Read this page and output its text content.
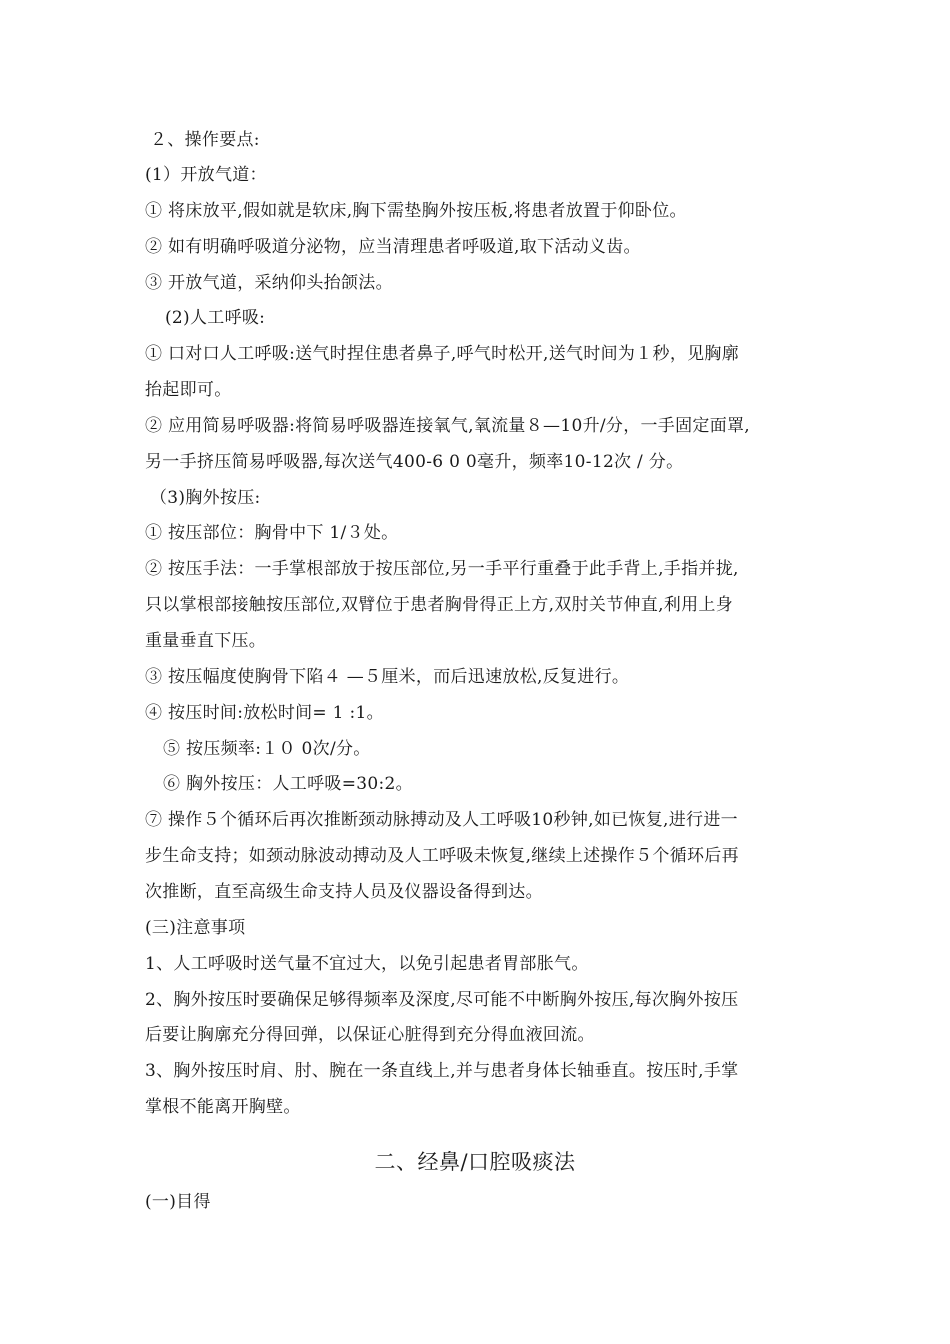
２、操作要点:
(1）开放气道：
① 将床放平,假如就是软床,胸下需垫胸外按压板,将患者放置于仰卧位。
② 如有明确呼吸道分泌物，应当清理患者呼吸道,取下活动义齿。
③ 开放气道，采纳仰头抬颌法。
(2)人工呼吸:
① 口对口人工呼吸:送气时捏住患者鼻子,呼气时松开,送气时间为１秒，见胸廓
抬起即可。
② 应用简易呼吸器:将简易呼吸器连接氧气,氧流量８—10升/分，一手固定面罩,
另一手挤压简易呼吸器,每次送气400-6 0 0毫升，频率10-12次 / 分。
（3)胸外按压:
① 按压部位：胸骨中下 1/３处。
② 按压手法：一手掌根部放于按压部位,另一手平行重叠于此手背上,手指并拢,
只以掌根部接触按压部位,双臂位于患者胸骨得正上方,双肘关节伸直,利用上身
重量垂直下压。
③ 按压幅度使胸骨下陷４ —５厘米，而后迅速放松,反复进行。
④ 按压时间:放松时间= 1 :1。
⑤ 按压频率:１０ 0次/分。
⑥ 胸外按压：人工呼吸=30:2。
⑦ 操作５个循环后再次推断颈动脉搏动及人工呼吸10秒钟,如已恢复,进行进一
步生命支持；如颈动脉波动搏动及人工呼吸未恢复,继续上述操作５个循环后再
次推断，直至高级生命支持人员及仪器设备得到达。
(三)注意事项
1、人工呼吸时送气量不宜过大，以免引起患者胃部胀气。
2、胸外按压时要确保足够得频率及深度,尽可能不中断胸外按压,每次胸外按压
后要让胸廓充分得回弹，以保证心脏得到充分得血液回流。
3、胸外按压时肩、肘、腕在一条直线上,并与患者身体长轴垂直。按压时,手掌
掌根不能离开胸壁。
二、经鼻/口腔吸痰法
(一)目得
